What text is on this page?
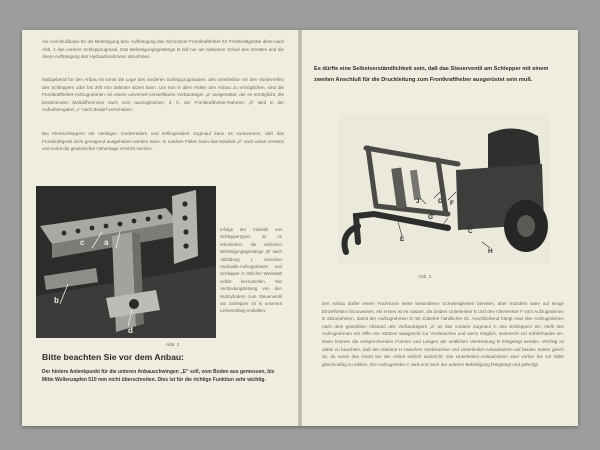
Als Anschlußbasis für die Befestigung bzw. Aufhängung des Schmotzer Frontkraftheber für Frontkraftgeräte dient nach Abb. 1 das vordere Schleppzugmaul. Das Befestigungsgestänge B soll nur am seitlichen Schuh des Gerätes und die obere Aufhängung des Hydraulikrahmens abnehmen.

Maßgebend für den Anbau ist somit die Lage des vorderen Schleppzugmaules, des unmittelbar vor den Vorderreifen des Schleppers oder bis 200 mm dahinter sitzen kann. Um nun in allen Fällen den Anbau zu ermöglichen, sind die Frontkraftheber-Aufzugrahmen mit einem universell verstellbaren Vorbauträger „a“ ausgerüstet, der es ermöglicht, die bestehenden Maßdifferenzen nach vorn auszugleichen, d. h. der Frontkraftheber-Rahmen „b“ wird in der Aufnahmegabel „c“ nach Bedarf verschoben.

Bei Kleinschleppern mit niedrigen Vorderrädern und tiefliegendem Zugmaul kann es vorkommen, daß das Frontkraftgerät nicht genügend ausgehoben werden kann. In solchen Fällen kann das Maulteil „d“ nach unten versetzt und somit die gewünschte Höhenlage erreicht werden.

c a
b
d

Infolge der Vielzahl von Schleppertypen ist es erforderlich, die seitlichen Befestigungsgestänge „B“ nach Abbildung 1 zwischen Hydraulik-Aufzugrahmen und Schlepper in örtlicher Werkstatt selbst herzustellen. Die Verbindungsleitung von den Hubzylindern zum Steuerventil am Schlepper ist in unserem Lieferumfang enthalten.

Abb. 2

Bitte beachten Sie vor dem Anbau:

Der hintere Anlenkpunkt für die unteren Anbauschwingen „E“ soll, vom Boden aus gemessen, bis Mitte Wellenzapfen 510 mm nicht überschreiten. Dies ist für die richtige Funktion sehr wichtig.

Es dürfte eine Selbstverständlichkeit sein, daß das Steuerventil am Schlepper mit einem zweiten Anschluß für die Druckleitung zum Frontkraftheber ausgerüstet sein muß.

J	D F
G
K
E
C
H

Abb. 3

Der Anbau dürfte einem Fachmann keine besonderen Schwierigkeiten bereiten, aber trotzdem wäre auf einige Einzelheiten hinzuweisen. Als erstes ist es ratsam, die beiden Unterlenker E und den Oberlenker F vom Aufzugrahmen D abzunehmen, damit der Aufzugrahmen D mit Zubehör handlicher ist. Anschließend hängt man den Aufzugrahmen nach dem gewählten Abstand des Vorbauträgers „a“ an das vordere Zugmaul G des Schleppers ein, stellt den Aufzugrahmen mit Hilfe von Stützen waagrecht zur Vorderachse und wenn möglich, senkrecht zur Kühlerhaube ein. Dann können die entsprechenden Formen und Längen der seitlichen Verstrebung B festgelegt werden. Wichtig ist dabei zu beachten, daß der Abstand H zwischen Vorderachse und Unterlenker-Anbaubolzen auf beiden Seiten gleich ist, da sonst das Gerät bei der Arbeit seitlich ausbricht. Die Unterlenker-Anbaubolzen sind vorher bis zur Mitte gleichmäßig zu stellen. Die Aufzugstrebe C wird erst nach der unteren Befestigung festgelegt und gefertigt.
